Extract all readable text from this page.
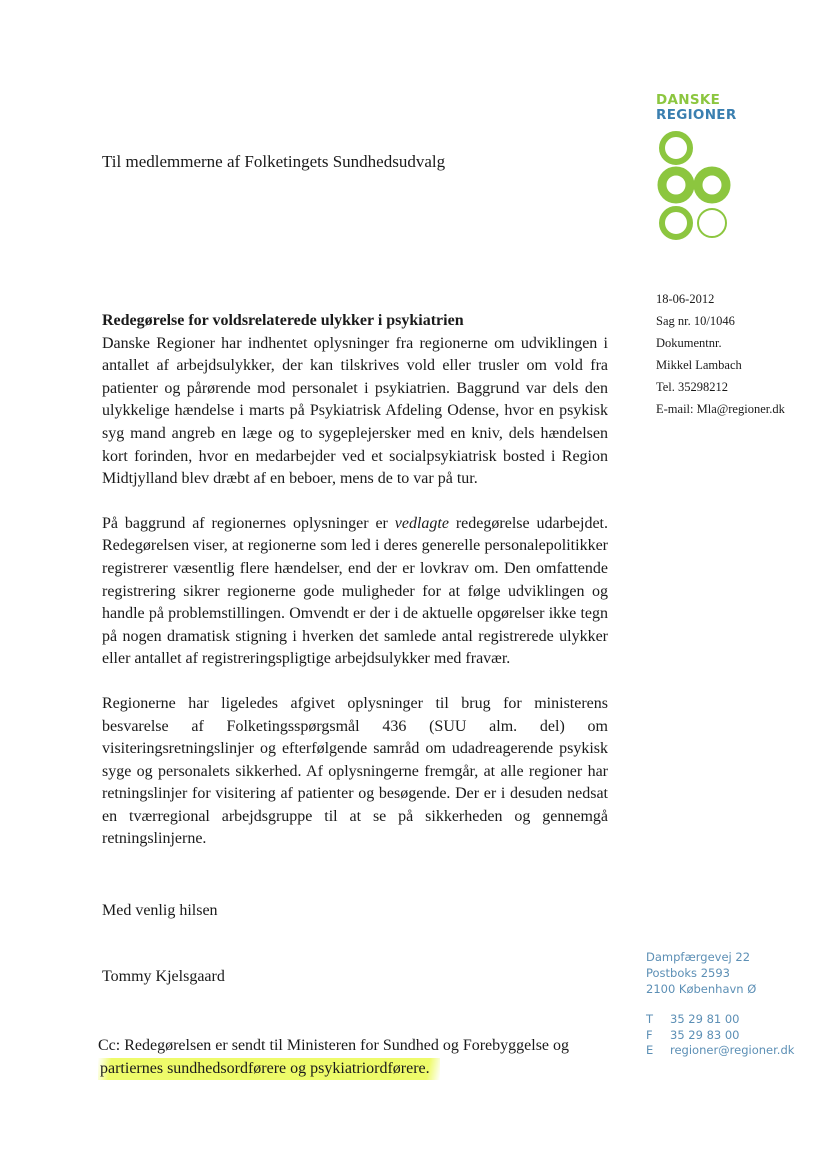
DANSKE
REGIONER
Til medlemmerne af Folketingets Sundhedsudvalg
18-06-2012
Sag nr. 10/1046
Dokumentnr.
Mikkel Lambach
Tel. 35298212
E-mail: Mla@regioner.dk
Redegørelse for voldsrelaterede ulykker i psykiatrien

Danske Regioner har indhentet oplysninger fra regionerne om udviklingen i antallet af arbejdsulykker, der kan tilskrives vold eller trusler om vold fra patienter og pårørende mod personalet i psykiatrien. Baggrund var dels den ulykkelige hændelse i marts på Psykiatrisk Afdeling Odense, hvor en psykisk syg mand angreb en læge og to sygeplejersker med en kniv, dels hændelsen kort forinden, hvor en medarbejder ved et socialpsykiatrisk bosted i Region Midtjylland blev dræbt af en beboer, mens de to var på tur.

På baggrund af regionernes oplysninger er vedlagte redegørelse udarbejdet. Redegørelsen viser, at regionerne som led i deres generelle personalepolitikker registrerer væsentlig flere hændelser, end der er lovkrav om. Den omfattende registrering sikrer regionerne gode muligheder for at følge udviklingen og handle på problemstillingen. Omvendt er der i de aktuelle opgørelser ikke tegn på nogen dramatisk stigning i hverken det samlede antal registrerede ulykker eller antallet af registreringspligtige arbejdsulykker med fravær.

Regionerne har ligeledes afgivet oplysninger til brug for ministerens besvarelse af Folketingsspørgsmål 436 (SUU alm. del) om visiteringsretningslinjer og efterfølgende samråd om udadreagerende psykisk syge og personalets sikkerhed. Af oplysningerne fremgår, at alle regioner har retningslinjer for visitering af patienter og besøgende. Der er i desuden nedsat en tværregional arbejdsgruppe til at se på sikkerheden og gennemgå retningslinjerne.

Med venlig hilsen
Tommy Kjelsgaard
Cc: Redegørelsen er sendt til Ministeren for Sundhed og Forebyggelse og
partiernes sundhedsordførere og psykiatriordførere.
Dampfærgevej 22
Postboks 2593
2100 København Ø
T	35 29 81 00
F	35 29 83 00
E	regioner@regioner.dk
